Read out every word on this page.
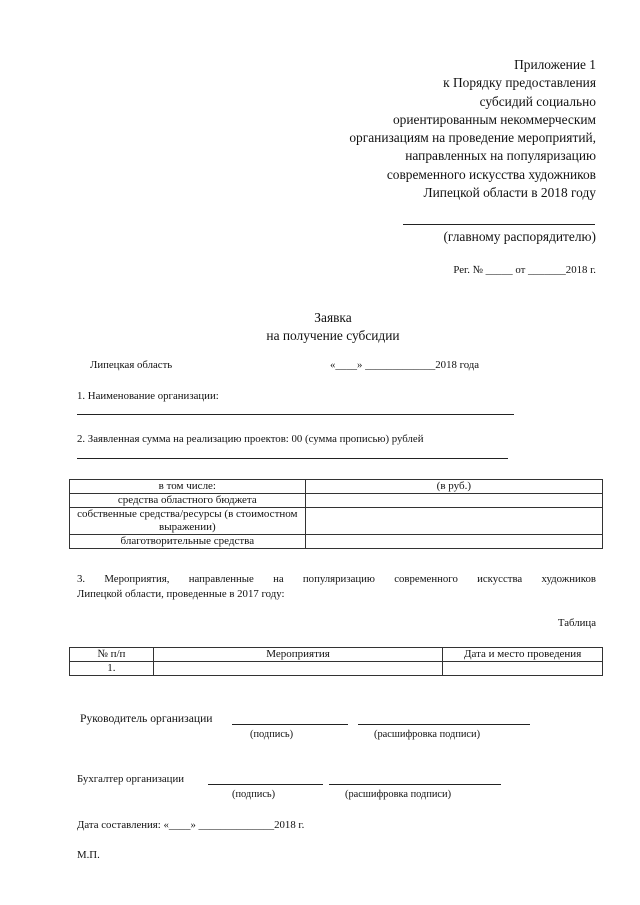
Приложение 1
к Порядку предоставления
субсидий социально
ориентированным некоммерческим
организациям на проведение мероприятий,
направленных на популяризацию
современного искусства художников
Липецкой области в 2018 году
(главному распорядителю)
Рег. № _____ от _______2018 г.
Заявка
на получение субсидии
Липецкая область	«____» _____________2018 года
1. Наименование организации:
2. Заявленная сумма на реализацию проектов: 00 (сумма прописью) рублей
в том числе:	(в руб.)
средства областного бюджета	
собственные средства/ресурсы (в стоимостном выражении)	
благотворительные средства	
3. Мероприятия, направленные на популяризацию современного искусства художников
Липецкой области, проведенные в 2017 году:
Таблица
№ п/п	Мероприятия	Дата и место проведения
1.		
Руководитель организации
(подпись)	(расшифровка подписи)
Бухгалтер организации
(подпись)	(расшифровка подписи)
Дата составления: «____» ______________2018 г.
М.П.
